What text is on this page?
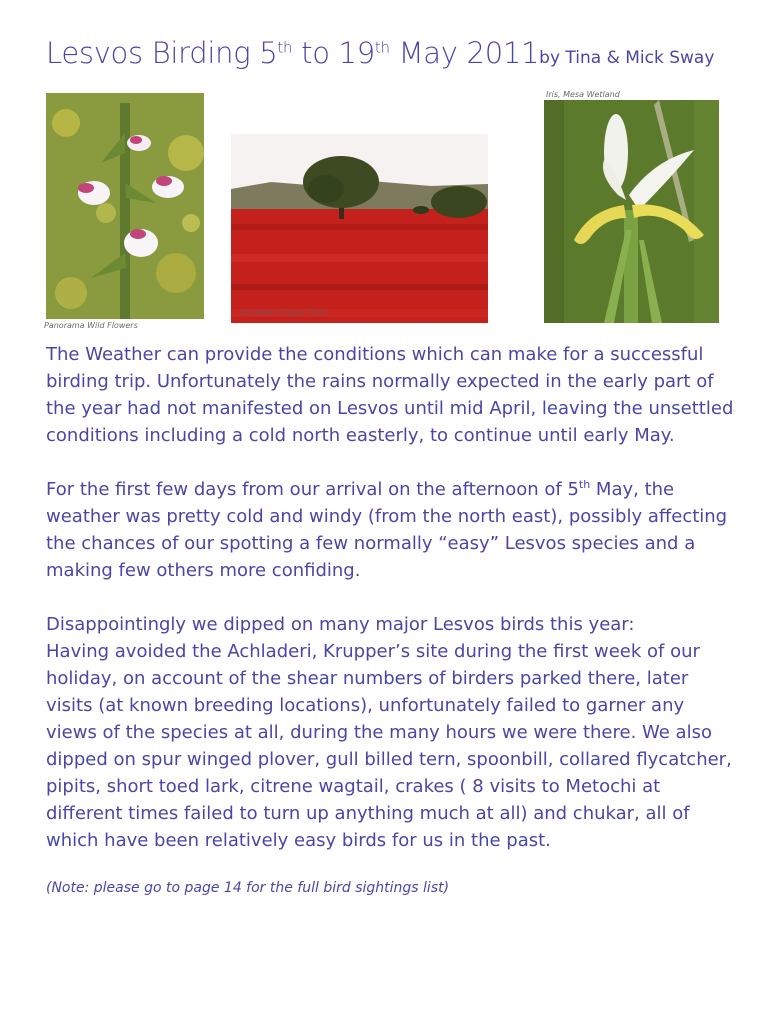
Lesvos Birding 5th to 19th May 2011by Tina & Mick Sway
Panorama Wild Flowers
Achladeri Poppy Field
Iris, Mesa Wetland

The Weather can provide the conditions which can make for a successful birding trip. Unfortunately the rains normally expected in the early part of the year had not manifested on Lesvos until mid April, leaving the unsettled conditions including a cold north easterly, to continue until early May.

For the first few days from our arrival on the afternoon of 5th May, the weather was pretty cold and windy (from the north east), possibly affecting the chances of our spotting a few normally “easy” Lesvos species and a making few others more confiding.

Disappointingly we dipped on many major Lesvos birds this year:
Having avoided the Achladeri, Krupper’s site during the first week of our holiday, on account of the shear numbers of birders parked there, later visits (at known breeding locations), unfortunately failed to garner any views of the species at all, during the many hours we were there. We also dipped on spur winged plover, gull billed tern, spoonbill, collared flycatcher, pipits, short toed lark, citrene wagtail, crakes ( 8 visits to Metochi at different times failed to turn up anything much at all) and chukar, all of which have been relatively easy birds for us in the past.

(Note: please go to page 14 for the full bird sightings list)
